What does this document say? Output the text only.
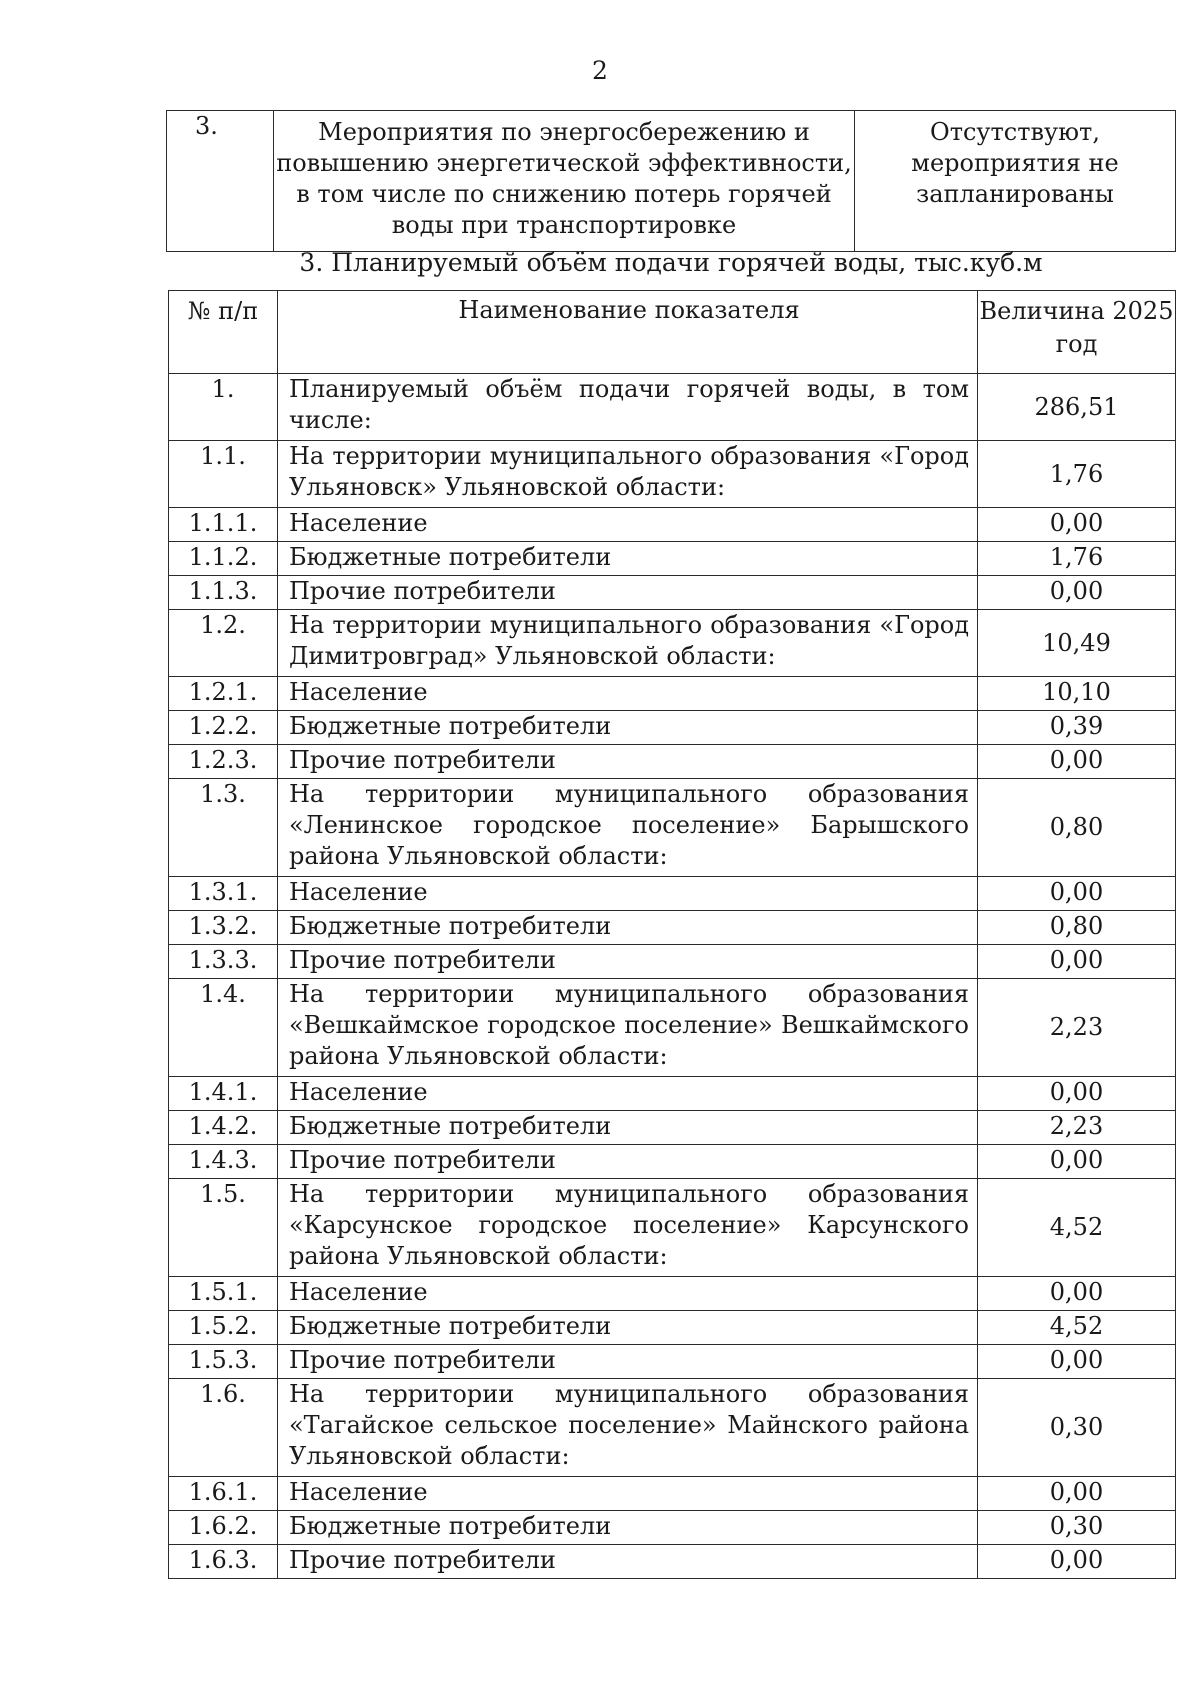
2
3.	Мероприятия по энергосбережению и повышению энергетической эффективности, в том числе по снижению потерь горячей воды при транспортировке	Отсутствуют, мероприятия не запланированы
3. Планируемый объём подачи горячей воды, тыс.куб.м
№ п/п	Наименование показателя	Величина 2025 год
1.	Планируемый объём подачи горячей воды, в том числе:	286,51
1.1.	На территории муниципального образования «Город Ульяновск» Ульяновской области:	1,76
1.1.1.	Население	0,00
1.1.2.	Бюджетные потребители	1,76
1.1.3.	Прочие потребители	0,00
1.2.	На территории муниципального образования «Город Димитровград» Ульяновской области:	10,49
1.2.1.	Население	10,10
1.2.2.	Бюджетные потребители	0,39
1.2.3.	Прочие потребители	0,00
1.3.	На территории муниципального образования «Ленинское городское поселение» Барышского района Ульяновской области:	0,80
1.3.1.	Население	0,00
1.3.2.	Бюджетные потребители	0,80
1.3.3.	Прочие потребители	0,00
1.4.	На территории муниципального образования «Вешкаймское городское поселение» Вешкаймского района Ульяновской области:	2,23
1.4.1.	Население	0,00
1.4.2.	Бюджетные потребители	2,23
1.4.3.	Прочие потребители	0,00
1.5.	На территории муниципального образования «Карсунское городское поселение» Карсунского района Ульяновской области:	4,52
1.5.1.	Население	0,00
1.5.2.	Бюджетные потребители	4,52
1.5.3.	Прочие потребители	0,00
1.6.	На территории муниципального образования «Тагайское сельское поселение» Майнского района Ульяновской области:	0,30
1.6.1.	Население	0,00
1.6.2.	Бюджетные потребители	0,30
1.6.3.	Прочие потребители	0,00
